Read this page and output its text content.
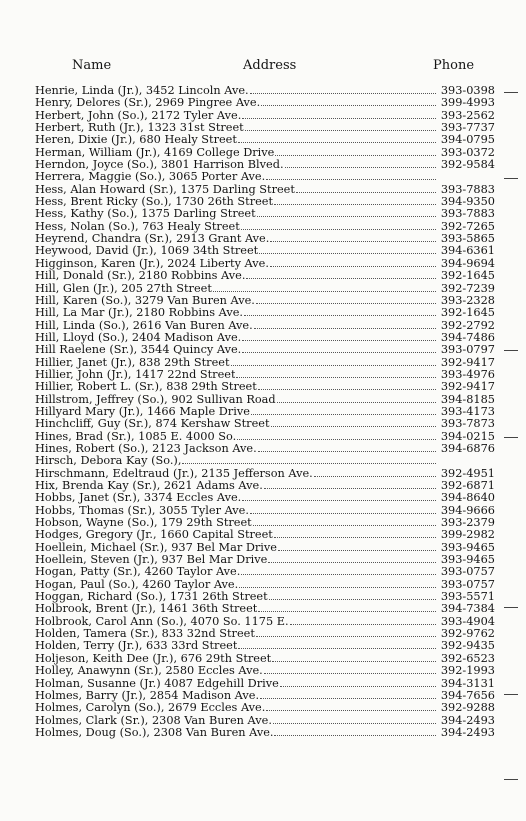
Name	Address	Phone
Henrie, Linda (Jr.), 3452 Lincoln Ave.	393-0398
Henry, Delores (Sr.), 2969 Pingree Ave.	399-4993
Herbert, John (So.), 2172 Tyler Ave.	393-2562
Herbert, Ruth (Jr.), 1323 31st Street	393-7737
Heren, Dixie (Jr.), 680 Healy Street	394-0795
Herman, William (Jr.), 4169 College Drive	393-0372
Herndon, Joyce (So.), 3801 Harrison Blved.	392-9584
Herrera, Maggie (So.), 3065 Porter Ave.
Hess, Alan Howard (Sr.), 1375 Darling Street	393-7883
Hess, Brent Ricky (So.), 1730 26th Street	394-9350
Hess, Kathy (So.), 1375 Darling Street	393-7883
Hess, Nolan (So.), 763 Healy Street	392-7265
Heyrend, Chandra (Sr.), 2913 Grant Ave.	393-5865
Heywood, David (Jr.), 1069 34th Street	394-6361
Higginson, Karen (Jr.), 2024 Liberty Ave.	394-9694
Hill, Donald (Sr.), 2180 Robbins Ave.	392-1645
Hill, Glen (Jr.), 205 27th Street	392-7239
Hill, Karen (So.), 3279 Van Buren Ave.	393-2328
Hill, La Mar (Jr.), 2180 Robbins Ave.	392-1645
Hill, Linda (So.), 2616 Van Buren Ave.	392-2792
Hill, Lloyd (So.), 2404 Madison Ave.	394-7486
Hill Raelene (Sr.), 3544 Quincy Ave.	393-0797
Hillier, Janet (Jr.), 838 29th Street	392-9417
Hillier, John (Jr.), 1417 22nd Street	393-4976
Hillier, Robert L. (Sr.), 838 29th Street	392-9417
Hillstrom, Jeffrey (So.), 902 Sullivan Road	394-8185
Hillyard Mary (Jr.), 1466 Maple Drive	393-4173
Hinchcliff, Guy (Sr.), 874 Kershaw Street	393-7873
Hines, Brad (Sr.), 1085 E. 4000 So.	394-0215
Hines, Robert (So.), 2123 Jackson Ave.	394-6876
Hirsch, Debora Kay (So.),
Hirschmann, Edeltraud (Jr.), 2135 Jefferson Ave.	392-4951
Hix, Brenda Kay (Sr.), 2621 Adams Ave.	392-6871
Hobbs, Janet (Sr.), 3374 Eccles Ave.	394-8640
Hobbs, Thomas (Sr.), 3055 Tyler Ave.	394-9666
Hobson, Wayne (So.), 179 29th Street	393-2379
Hodges, Gregory (Jr., 1660 Capital Street	399-2982
Hoellein, Michael (Sr.), 937 Bel Mar Drive	393-9465
Hoellein, Steven (Jr.), 937 Bel Mar Drive	393-9465
Hogan, Patty (Sr.), 4260 Taylor Ave.	393-0757
Hogan, Paul (So.), 4260 Taylor Ave.	393-0757
Hoggan, Richard (So.), 1731 26th Street	393-5571
Holbrook, Brent (Jr.), 1461 36th Street	394-7384
Holbrook, Carol Ann (So.), 4070 So. 1175 E.	393-4904
Holden, Tamera (Sr.), 833 32nd Street	392-9762
Holden, Terry (Jr.), 633 33rd Street	392-9435
Holjeson, Keith Dee (Jr.), 676 29th Street	392-6523
Holley, Anawynn (Sr.), 2580 Eccles Ave.	392-1993
Holman, Susanne (Jr.) 4087 Edgehill Drive	394-3131
Holmes, Barry (Jr.), 2854 Madison Ave.	394-7656
Holmes, Carolyn (So.), 2679 Eccles Ave.	392-9288
Holmes, Clark (Sr.), 2308 Van Buren Ave.	394-2493
Holmes, Doug (So.), 2308 Van Buren Ave.	394-2493
